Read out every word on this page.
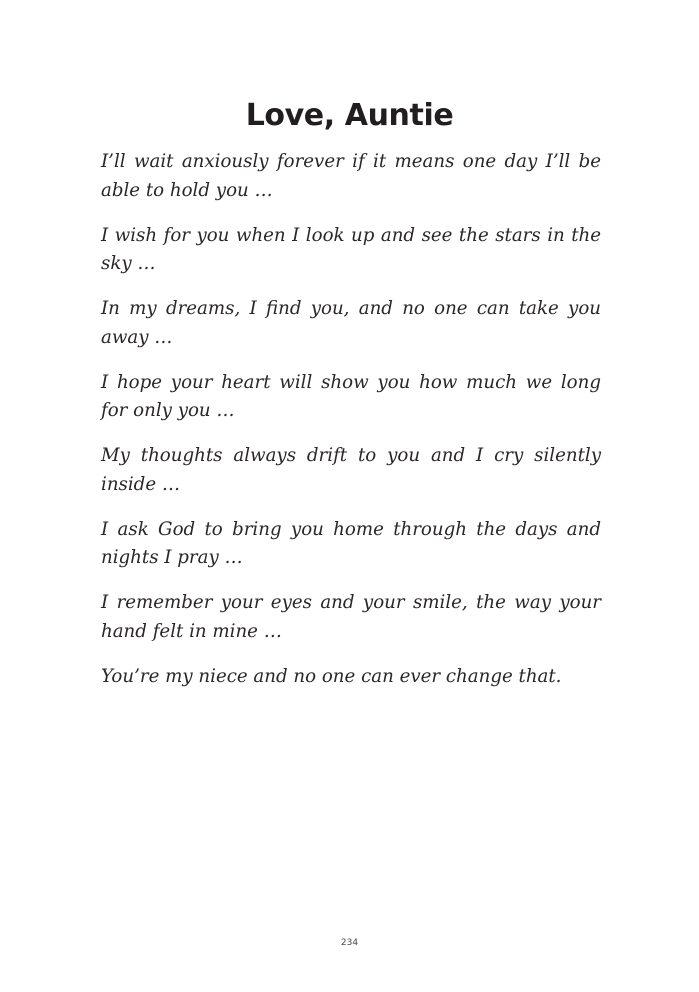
Love, Auntie

I’ll wait anxiously forever if it means one day I’ll be able to hold you …

I wish for you when I look up and see the stars in the sky …

In my dreams, I find you, and no one can take you away …

I hope your heart will show you how much we long for only you …

My thoughts always drift to you and I cry silently inside …

I ask God to bring you home through the days and nights I pray …

I remember your eyes and your smile, the way your hand felt in mine …

You’re my niece and no one can ever change that.

234
